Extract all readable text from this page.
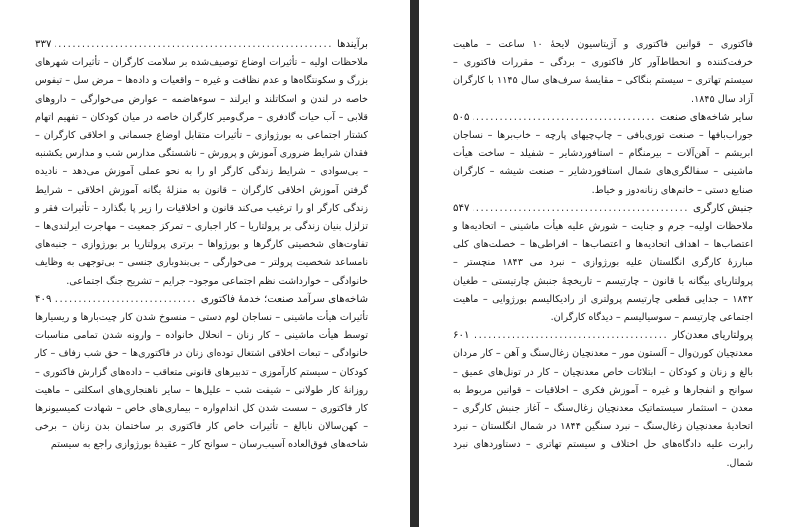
برآیندها
.....
۳۳۷

ملاحظات اولیه – تأثیرات اوضاع توصیف‌شده بر سلامت کارگران – تأثیرات شهرهای بزرگ و سکونتگاه‌ها و عدم نظافت و غیره – واقعیات و داده‌ها – مرض سل – تیفوس خاصه در لندن و اسکاتلند و ایرلند – سوءهاضمه – عوارض می‌خوارگی – داروهای قلابی – آب حیات گادفری – مرگ‌ومیر کارگران خاصه در میان کودکان – تفهیم اتهام کشتار اجتماعی به بورژوازی – تأثیرات متقابل اوضاع جسمانی و اخلاقی کارگران – فقدان شرایط ضروری آموزش و پرورش – ناشستگی مدارس شب و مدارس یکشنبه – بی‌سوادی – شرایط زندگی کارگر او را به نحو عملی آموزش می‌دهد – نادیده گرفتن آموزش اخلاقی کارگران – قانون به منزلهٔ یگانه آموزش اخلاقی – شرایط زندگی کارگر او را ترغیب می‌کند قانون و اخلاقیات را زیر پا بگذارد – تأثیرات فقر و تزلزل بنیان زندگی بر پرولتاریا – کار اجباری – تمرکز جمعیت – مهاجرت ایرلندی‌ها – تفاوت‌های شخصیتی کارگرها و بورژواها – برتری پرولتاریا بر بورژوازی – جنبه‌های نامساعد شخصیت پرولتر – می‌خوارگی – بی‌بندوباری جنسی – بی‌توجهی به وظایف خانوادگی – خوارداشت نظم اجتماعی موجود– جرایم – تشریح جنگ اجتماعی.

شاخه‌های سرآمد صنعت؛ خدمهٔ فاکتوری
.....
۴۰۹

تأثیرات هیأت ماشینی – نساجان لوم دستی – منسوخ شدن کار چیت‌بارها و ریسیارها توسط هیأت ماشینی – کار زنان – انحلال خانواده – وارونه شدن تمامی مناسبات خانوادگی – تبعات اخلاقی اشتغال توده‌ای زنان در فاکتوری‌ها – حق شب زفاف – کار کودکان – سیستم کارآموزی – تدبیرهای قانونی متعاقب – داده‌های گزارش فاکتوری – روزانهٔ کار طولانی – شیفت شب – علیل‌ها – سایر ناهنجاری‌های اسکلتی – ماهیت کار فاکتوری – سست شدن کل اندام‌واره – بیماری‌های خاص – شهادت کمیسیونرها – کهن‌سالان نابالغ – تأثیرات خاص کار فاکتوری بر ساختمان بدن زنان – برخی شاخه‌های فوق‌العاده آسیب‌رسان – سوانح کار – عقیدهٔ بورژوازی راجع به سیستم

فاکتوری – قوانین فاکتوری و آژیتاسیون لایحهٔ ۱۰ ساعت – ماهیت خرفت‌کننده و انحطاط‌آور کار فاکتوری – بردگی – مقررات فاکتوری – سیستم تهاتری – سیستم بنگاکی – مقایسهٔ سرف‌های سال ۱۱۴۵ با کارگران آزاد سال ۱۸۴۵.

سایر شاخه‌های صنعت
.....
۵۰۵

جوراب‌بافها – صنعت توری‌بافی – چاپ‌چیهای پارچه – خاب‌برها – نساجان ابریشم – آهن‌آلات – بیرمنگام – استافوردشایر – شفیلد – ساخت هیأت ماشینی – سفالگری‌های شمال استافوردشایر – صنعت شیشه – کارگران صنایع دستی – خانم‌های زنانه‌دوز و خیاط.

جنبش کارگری
.....
۵۴۷

ملاحظات اولیه– جرم و جنایت – شورش علیه هیأت ماشینی – اتحادیه‌ها و اعتصاب‌ها – اهداف اتحادیه‌ها و اعتصاب‌ها – افراطی‌ها – خصلت‌های کلی مبارزهٔ کارگری انگلستان علیه بورژوازی – نبرد می ۱۸۴۳ منچستر – پرولتاریای بیگانه با قانون – چارتیسم – تاریخچهٔ جنبش چارتیستی – طغیان ۱۸۴۲ – جدایی قطعی چارتیسم پرولتری از رادیکالیسم بورژوایی – ماهیت اجتماعی چارتیسم – سوسیالیسم – دیدگاه کارگران.

پرولتاریای معدن‌کار
.....
۶۰۱

معدنچیان کورن‌وال – آلستون مور – معدنچیان زغال‌سنگ و آهن – کار مردان بالغ و زنان و کودکان – ابتلائات خاص معدنچیان – کار در تونل‌های عمیق – سوانح و انفجارها و غیره – آموزش فکری – اخلاقیات – قوانین مربوط به معدن – استثمار سیستماتیک معدنچیان زغال‌سنگ – آغاز جنبش کارگری – اتحادیهٔ معدنچیان زغال‌سنگ – نبرد سنگین ۱۸۴۴ در شمال انگلستان – نبرد رابرت علیه دادگاه‌های حل اختلاف و سیستم تهاتری – دستاوردهای نبرد شمال.
